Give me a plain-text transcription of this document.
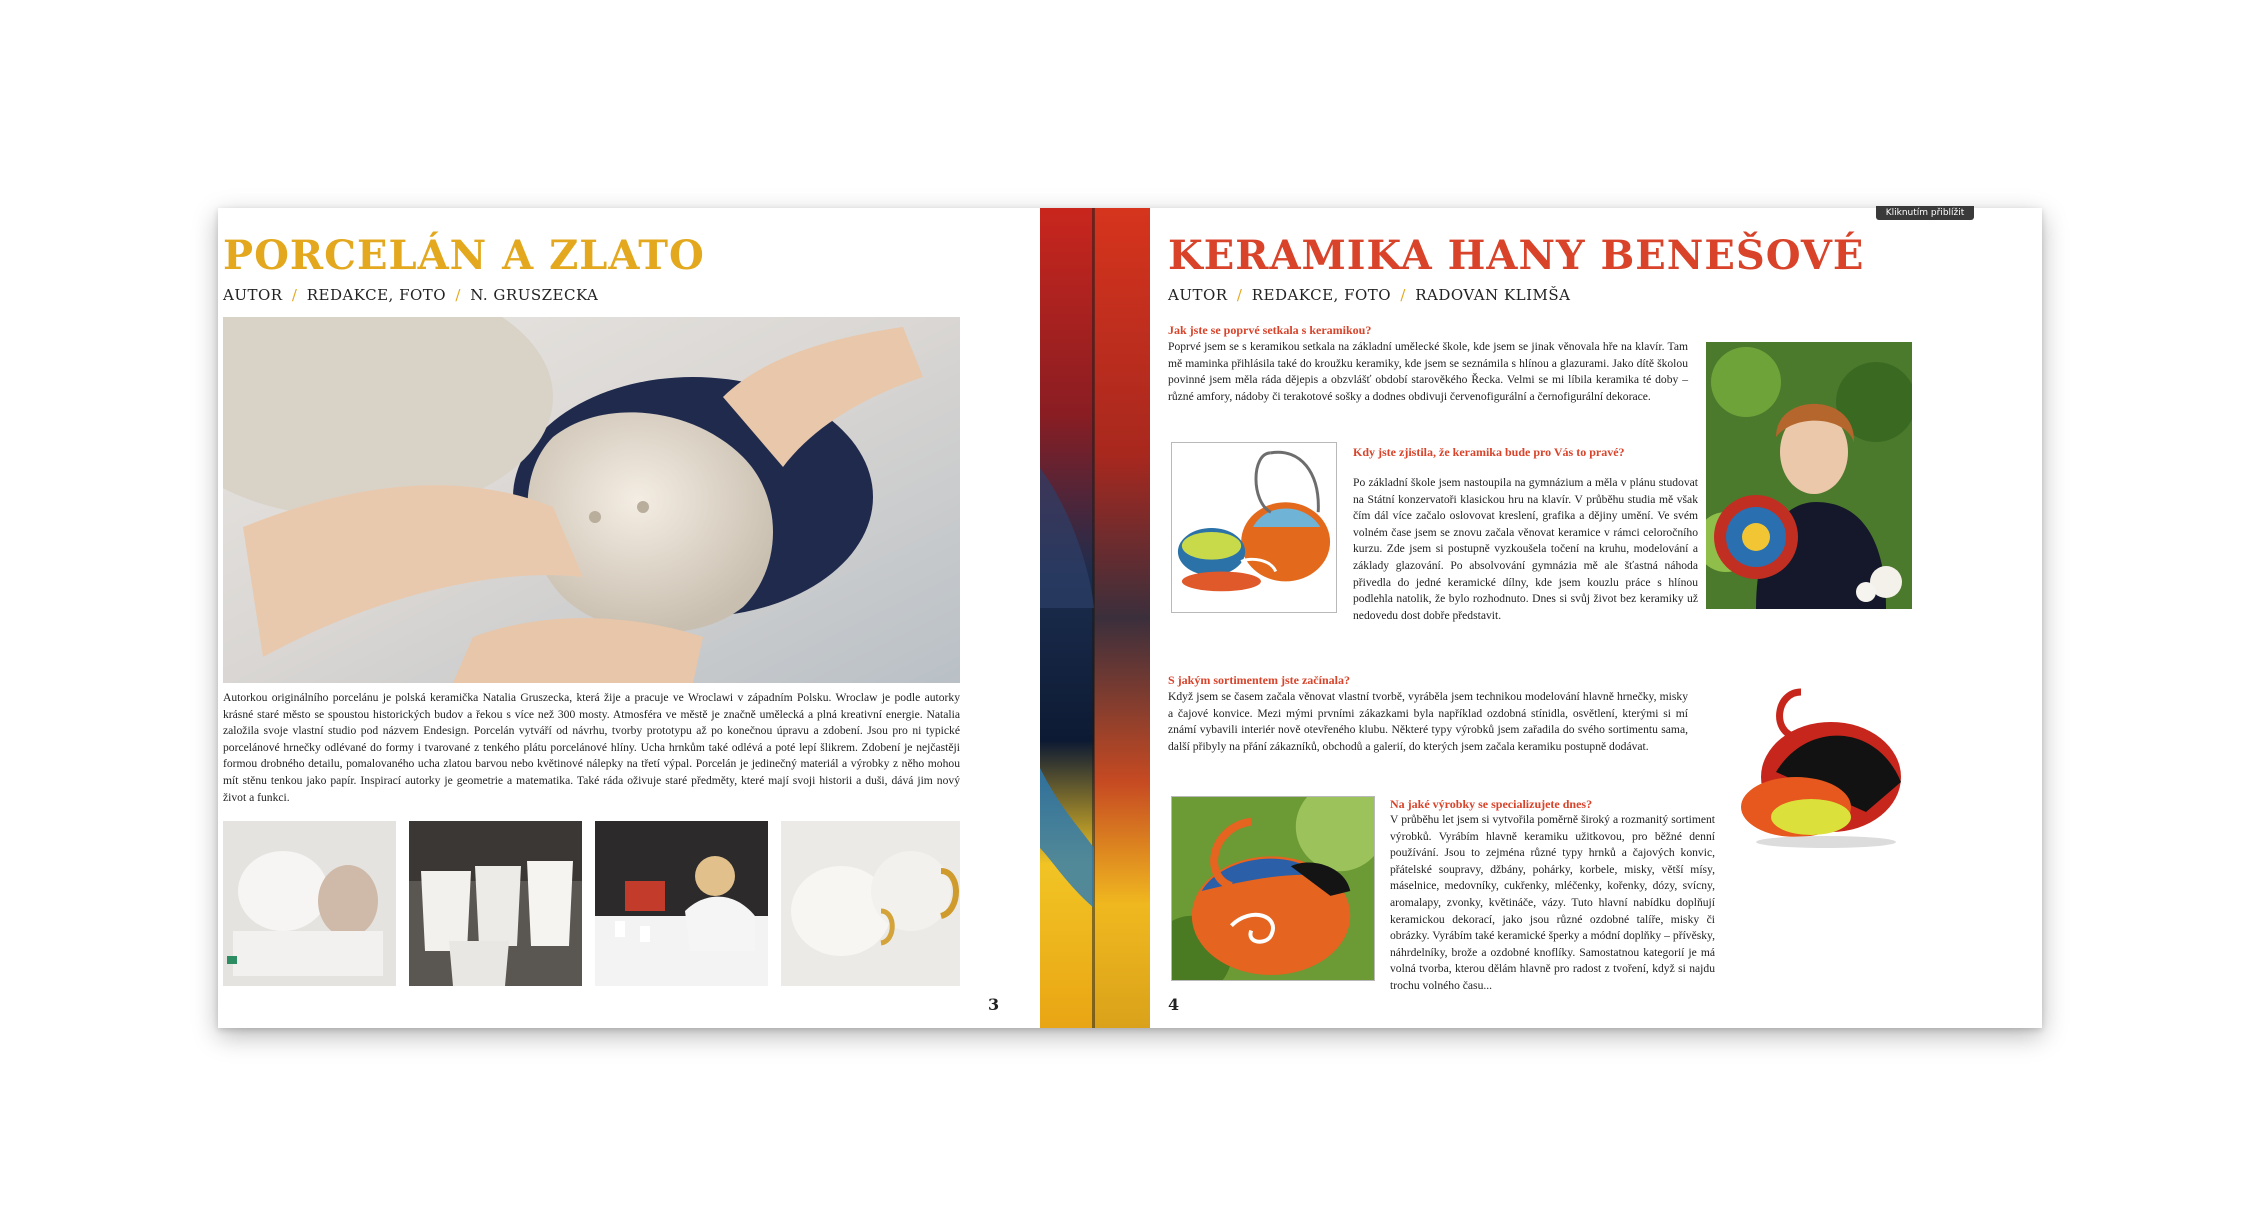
Kliknutím přiblížit
PORCELÁN A ZLATO
AUTOR / REDAKCE, FOTO / N. GRUSZECKA

Autorkou originálního porcelánu je polská keramička Natalia Gruszecka, která žije a pracuje ve Wroclawi v západním Polsku. Wroclaw je podle autorky krásné staré město se spoustou historických budov a řekou s více než 300 mosty. Atmosféra ve městě je značně umělecká a plná kreativní energie. Natalia založila svoje vlastní studio pod názvem Endesign. Porcelán vytváří od návrhu, tvorby prototypu až po konečnou úpravu a zdobení. Jsou pro ni typické porcelánové hrnečky odlévané do formy i tvarované z tenkého plátu porcelánové hlíny. Ucha hrnkům také odlévá a poté lepí šlikrem. Zdobení je nejčastěji formou drobného detailu, pomalovaného ucha zlatou barvou nebo květinové nálepky na třetí výpal. Porcelán je jedinečný materiál a výrobky z něho mohou mít stěnu tenkou jako papír. Inspirací autorky je geometrie a matematika. Také ráda oživuje staré předměty, které mají svoji historii a duši, dává jim nový život a funkci.

3
KERAMIKA HANY BENEŠOVÉ
AUTOR / REDAKCE, FOTO / RADOVAN KLIMŠA

Jak jste se poprvé setkala s keramikou?

Poprvé jsem se s keramikou setkala na základní umělecké škole, kde jsem se jinak věnovala hře na klavír. Tam mě maminka přihlásila také do kroužku keramiky, kde jsem se seznámila s hlínou a glazurami. Jako dítě školou povinné jsem měla ráda dějepis a obzvlášť období starověkého Řecka. Velmi se mi líbila keramika té doby – různé amfory, nádoby či terakotové sošky a dodnes obdivuji červenofigurální a černofigurální dekorace.

Kdy jste zjistila, že keramika bude pro Vás to pravé?

Po základní škole jsem nastoupila na gymnázium a měla v plánu studovat na Státní konzervatoři klasickou hru na klavír. V průběhu studia mě však čím dál více začalo oslovovat kreslení, grafika a dějiny umění. Ve svém volném čase jsem se znovu začala věnovat keramice v rámci celoročního kurzu. Zde jsem si postupně vyzkoušela točení na kruhu, modelování a základy glazování. Po absolvování gymnázia mě ale šťastná náhoda přivedla do jedné keramické dílny, kde jsem kouzlu práce s hlínou podlehla natolik, že bylo rozhodnuto. Dnes si svůj život bez keramiky už nedovedu dost dobře představit.

S jakým sortimentem jste začínala?

Když jsem se časem začala věnovat vlastní tvorbě, vyráběla jsem technikou modelování hlavně hrnečky, misky a čajové konvice. Mezi mými prvními zákazkami byla například ozdobná stínidla, osvětlení, kterými si mí známí vybavili interiér nově otevřeného klubu. Některé typy výrobků jsem zařadila do svého sortimentu sama, další přibyly na přání zákazníků, obchodů a galerií, do kterých jsem začala keramiku postupně dodávat.

Na jaké výrobky se specializujete dnes?

V průběhu let jsem si vytvořila poměrně široký a rozmanitý sortiment výrobků. Vyrábím hlavně keramiku užitkovou, pro běžné denní používání. Jsou to zejména různé typy hrnků a čajových konvic, přátelské soupravy, džbány, pohárky, korbele, misky, větší mísy, máselnice, medovníky, cukřenky, mléčenky, kořenky, dózy, svícny, aromalapy, zvonky, květináče, vázy. Tuto hlavní nabídku doplňují keramickou dekorací, jako jsou různé ozdobné talíře, misky či obrázky. Vyrábím také keramické šperky a módní doplňky – přívěsky, náhrdelníky, brože a ozdobné knoflíky. Samostatnou kategorií je má volná tvorba, kterou dělám hlavně pro radost z tvoření, když si najdu trochu volného času...

4
